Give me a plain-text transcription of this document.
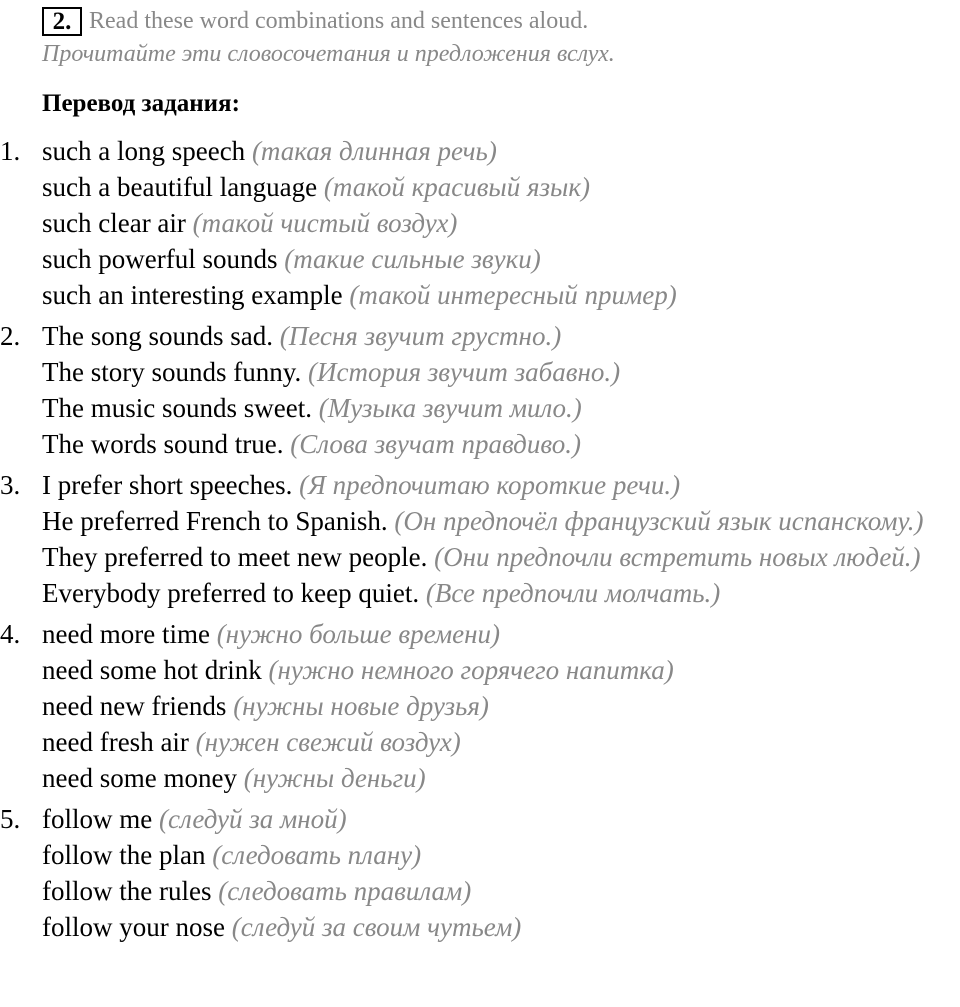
2. Read these word combinations and sentences aloud.
Прочитайте эти словосочетания и предложения вслух.
Перевод задания:
1. such a long speech (такая длинная речь)
such a beautiful language (такой красивый язык)
such clear air (такой чистый воздух)
such powerful sounds (такие сильные звуки)
such an interesting example (такой интересный пример)
2. The song sounds sad. (Песня звучит грустно.)
The story sounds funny. (История звучит забавно.)
The music sounds sweet. (Музыка звучит мило.)
The words sound true. (Слова звучат правдиво.)
3. I prefer short speeches. (Я предпочитаю короткие речи.)
He preferred French to Spanish. (Он предпочёл французский язык испанскому.)
They preferred to meet new people. (Они предпочли встретить новых людей.)
Everybody preferred to keep quiet. (Все предпочли молчать.)
4. need more time (нужно больше времени)
need some hot drink (нужно немного горячего напитка)
need new friends (нужны новые друзья)
need fresh air (нужен свежий воздух)
need some money (нужны деньги)
5. follow me (следуй за мной)
follow the plan (следовать плану)
follow the rules (следовать правилам)
follow your nose (следуй за своим чутьем)
